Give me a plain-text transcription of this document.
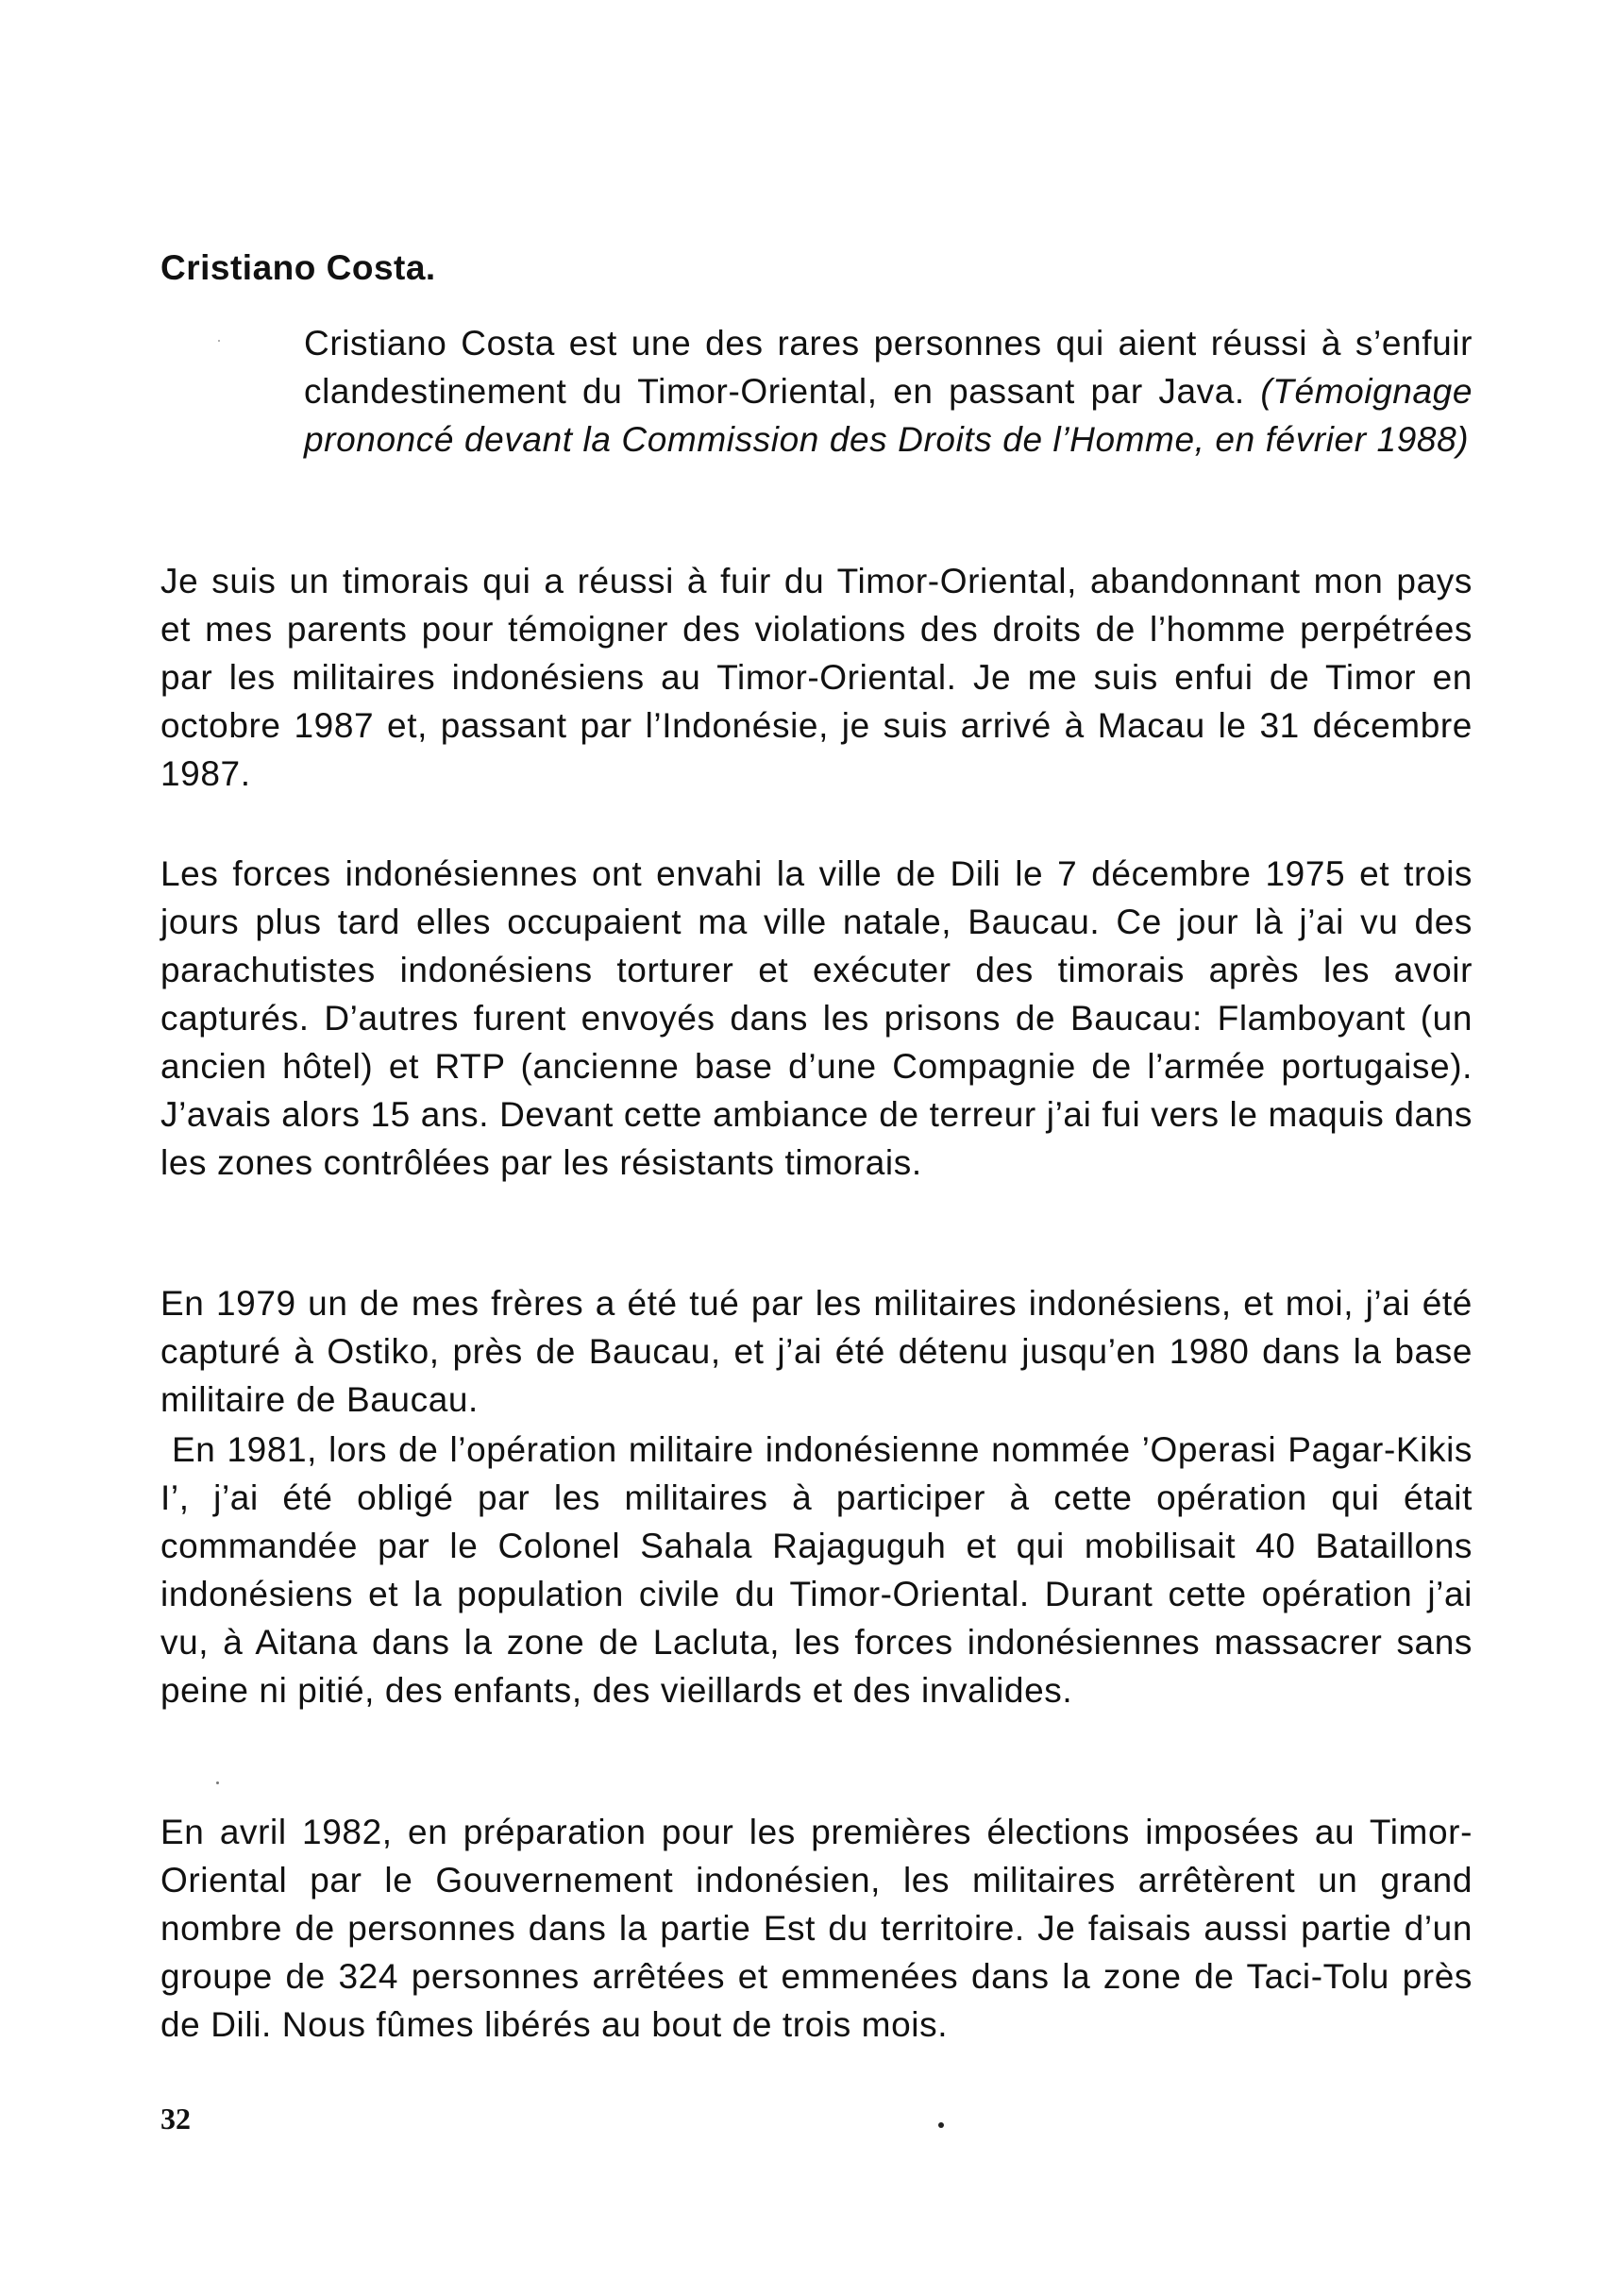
Cristiano Costa.

Cristiano Costa est une des rares personnes qui aient réussi à s’enfuir clandestinement du Timor-Oriental, en passant par Java. (Témoignage prononcé devant la Commission des Droits de l’Homme, en février 1988)

Je suis un timorais qui a réussi à fuir du Timor-Oriental, abandonnant mon pays et mes parents pour témoigner des violations des droits de l’homme perpétrées par les militaires indonésiens au Timor-Oriental. Je me suis enfui de Timor en octobre 1987 et, passant par l’Indonésie, je suis arrivé à Macau le 31 décembre 1987.

Les forces indonésiennes ont envahi la ville de Dili le 7 décembre 1975 et trois jours plus tard elles occupaient ma ville natale, Baucau. Ce jour là j’ai vu des parachutistes indonésiens torturer et exécuter des timorais après les avoir capturés. D’autres furent envoyés dans les prisons de Baucau: Flamboyant (un ancien hôtel) et RTP (ancienne base d’une Compagnie de l’armée portugaise). J’avais alors 15 ans. Devant cette ambiance de terreur j’ai fui vers le maquis dans les zones contrôlées par les résistants timorais.

En 1979 un de mes frères a été tué par les militaires indonésiens, et moi, j’ai été capturé à Ostiko, près de Baucau, et j’ai été détenu jusqu’en 1980 dans la base militaire de Baucau.

En 1981, lors de l’opération militaire indonésienne nommée ’Operasi Pagar-Kikis I’, j’ai été obligé par les militaires à participer à cette opération qui était commandée par le Colonel Sahala Rajaguguh et qui mobilisait 40 Bataillons indonésiens et la population civile du Timor-Oriental. Durant cette opération j’ai vu, à Aitana dans la zone de Lacluta, les forces indonésiennes massacrer sans peine ni pitié, des enfants, des vieillards et des invalides.

En avril 1982, en préparation pour les premières élections imposées au Timor-Oriental par le Gouvernement indonésien, les militaires arrêtèrent un grand nombre de personnes dans la partie Est du territoire. Je faisais aussi partie d’un groupe de 324 personnes arrêtées et emmenées dans la zone de Taci-Tolu près de Dili. Nous fûmes libérés au bout de trois mois.

32
